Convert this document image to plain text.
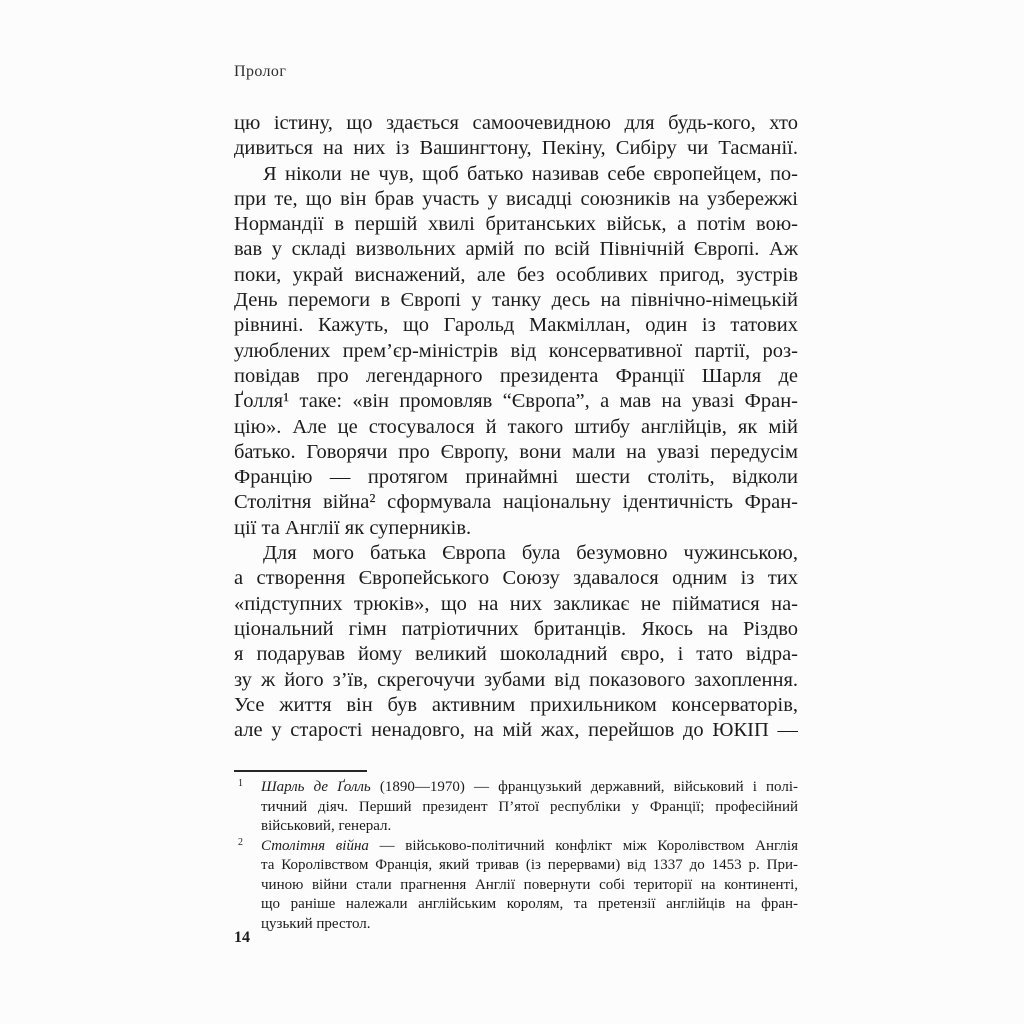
Пролог
цю істину, що здається самоочевидною для будь-кого, хто
дивиться на них із Вашингтону, Пекіну, Сибіру чи Тасманії.
Я ніколи не чув, щоб батько називав себе європейцем, по-
при те, що він брав участь у висадці союзників на узбережжі
Нормандії в першій хвилі британських військ, а потім вою-
вав у складі визвольних армій по всій Північній Європі. Аж
поки, украй виснажений, але без особливих пригод, зустрів
День перемоги в Європі у танку десь на північно-німецькій
рівнині. Кажуть, що Гарольд Макміллан, один із татових
улюблених прем’єр-міністрів від консервативної партії, роз-
повідав про легендарного президента Франції Шарля де
Ґолля¹ таке: «він промовляв “Європа”, а мав на увазі Фран-
цію». Але це стосувалося й такого штибу англійців, як мій
батько. Говорячи про Європу, вони мали на увазі передусім
Францію — протягом принаймні шести століть, відколи
Столітня війна² сформувала національну ідентичність Фран-
ції та Англії як суперників.
Для мого батька Європа була безумовно чужинською,
а створення Європейського Союзу здавалося одним із тих
«підступних трюків», що на них закликає не пійматися на-
ціональний гімн патріотичних британців. Якось на Різдво
я подарував йому великий шоколадний євро, і тато відра-
зу ж його з’їв, скрегочучи зубами від показового захоплення.
Усе життя він був активним прихильником консерваторів,
але у старості ненадовго, на мій жах, перейшов до ЮКІП —
1 Шарль де Ґолль (1890—1970) — французький державний, військовий і полі-
тичний діяч. Перший президент П’ятої республіки у Франції; професійний
військовий, генерал.
2 Столітня війна — військово-політичний конфлікт між Королівством Англія
та Королівством Франція, який тривав (із перервами) від 1337 до 1453 р. При-
чиною війни стали прагнення Англії повернути собі території на континенті,
що раніше належали англійським королям, та претензії англійців на фран-
цузький престол.
14
